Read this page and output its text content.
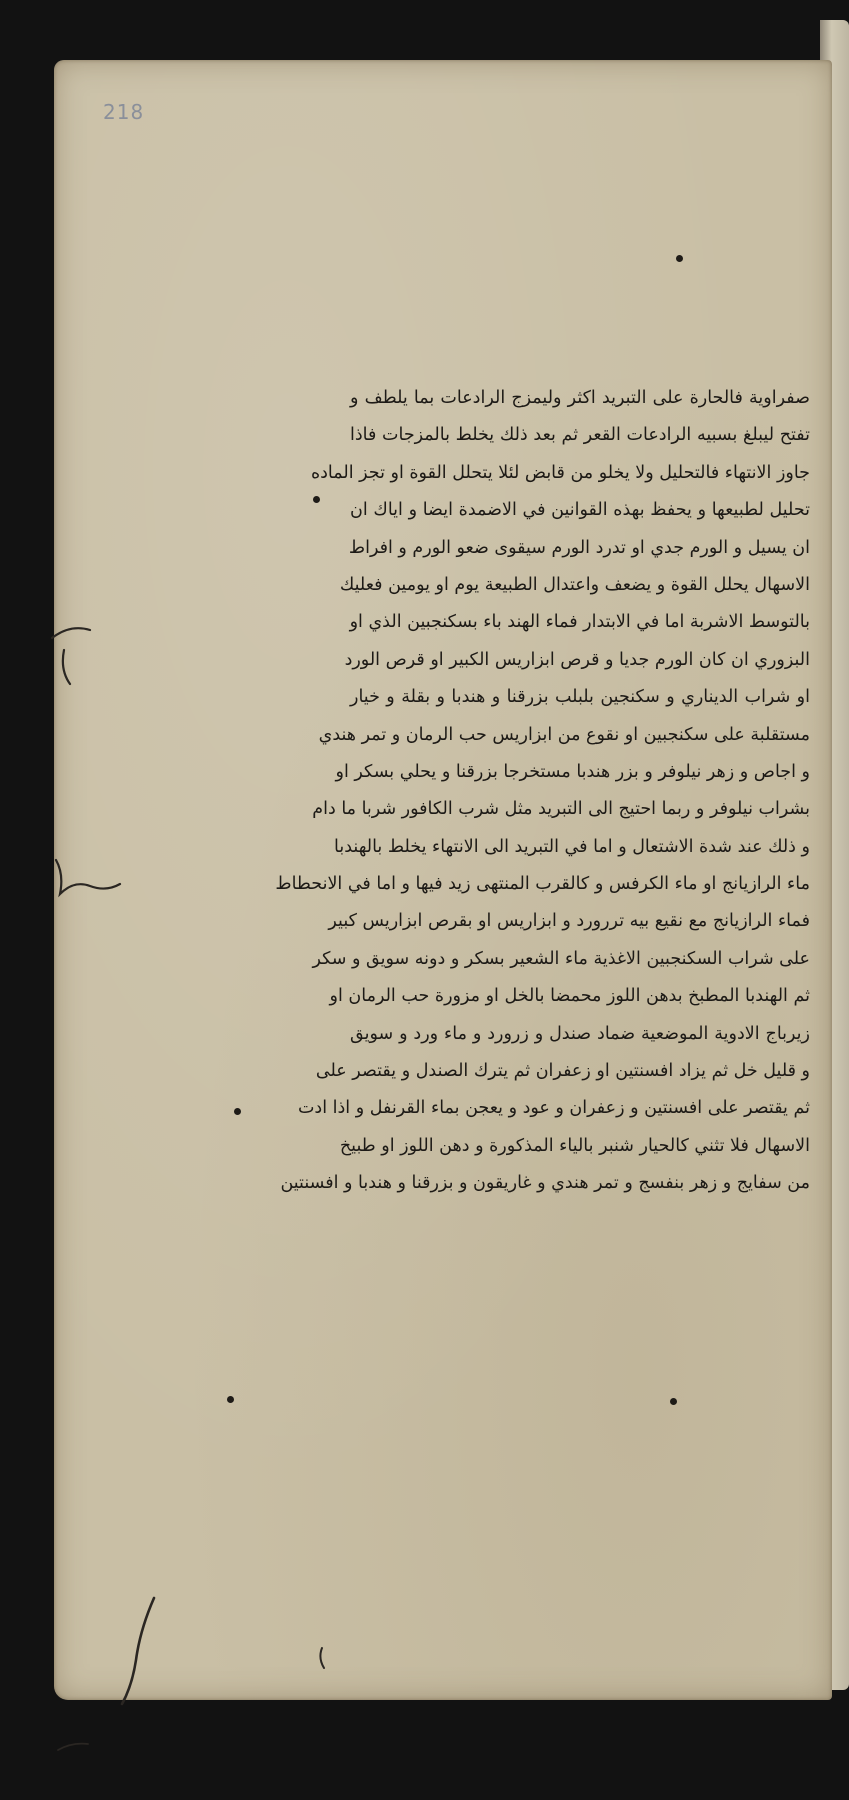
218
صفراوية فالحارة على التبريد اكثر وليمزج الرادعات بما يلطف و
تفتح ليبلغ بسبيه الرادعات القعر ثم بعد ذلك يخلط بالمزجات فاذا
جاوز الانتهاء فالتحليل ولا يخلو من قابض لئلا يتحلل القوة او تجز الماده
تحليل لطبيعها و يحفظ بهذه القوانين في الاضمدة ايضا و اياك ان
ان يسيل و الورم جدي او تدرد الورم سيقوى ضعو الورم و افراط
الاسهال يحلل القوة و يضعف واعتدال الطبيعة يوم او يومين فعليك
بالتوسط الاشربة اما في الابتدار فماء الهند باء بسكنجبين الذي او
البزوري ان كان الورم جديا و قرص ابزاريس الكبير او قرص الورد
او شراب الديناري و سكنجين بلبلب بزرقنا و هندبا و بقلة و خيار
مستقلبة على سكنجبين او نقوع من ابزاريس حب الرمان و تمر هندي
و اجاص و زهر نيلوفر و بزر هندبا مستخرجا بزرقنا و يحلي بسكر او
بشراب نيلوفر و ربما احتيج الى التبريد مثل شرب الكافور شربا ما دام
و ذلك عند شدة الاشتعال و اما في التبريد الى الانتهاء يخلط بالهندبا
ماء الرازيانج او ماء الكرفس و كالقرب المنتهى زيد فيها و اما في الانحطاط
فماء الرازيانج مع نقيع بيه تررورد و ابزاريس او بقرص ابزاريس كبير
على شراب السكنجبين الاغذية ماء الشعير بسكر و دونه سويق و سكر
ثم الهندبا المطبخ بدهن اللوز محمضا بالخل او مزورة حب الرمان او
زيرباج الادوية الموضعية ضماد صندل و زرورد و ماء ورد و سويق
و قليل خل ثم يزاد افسنتين او زعفران ثم يترك الصندل و يقتصر على
ثم يقتصر على افسنتين و زعفران و عود و يعجن بماء القرنفل و اذا ادت
الاسهال فلا تثني كالحيار شنبر بالياء المذكورة و دهن اللوز او طبيخ
من سفايج و زهر بنفسج و تمر هندي و غاريقون و بزرقنا و هندبا و افسنتين
